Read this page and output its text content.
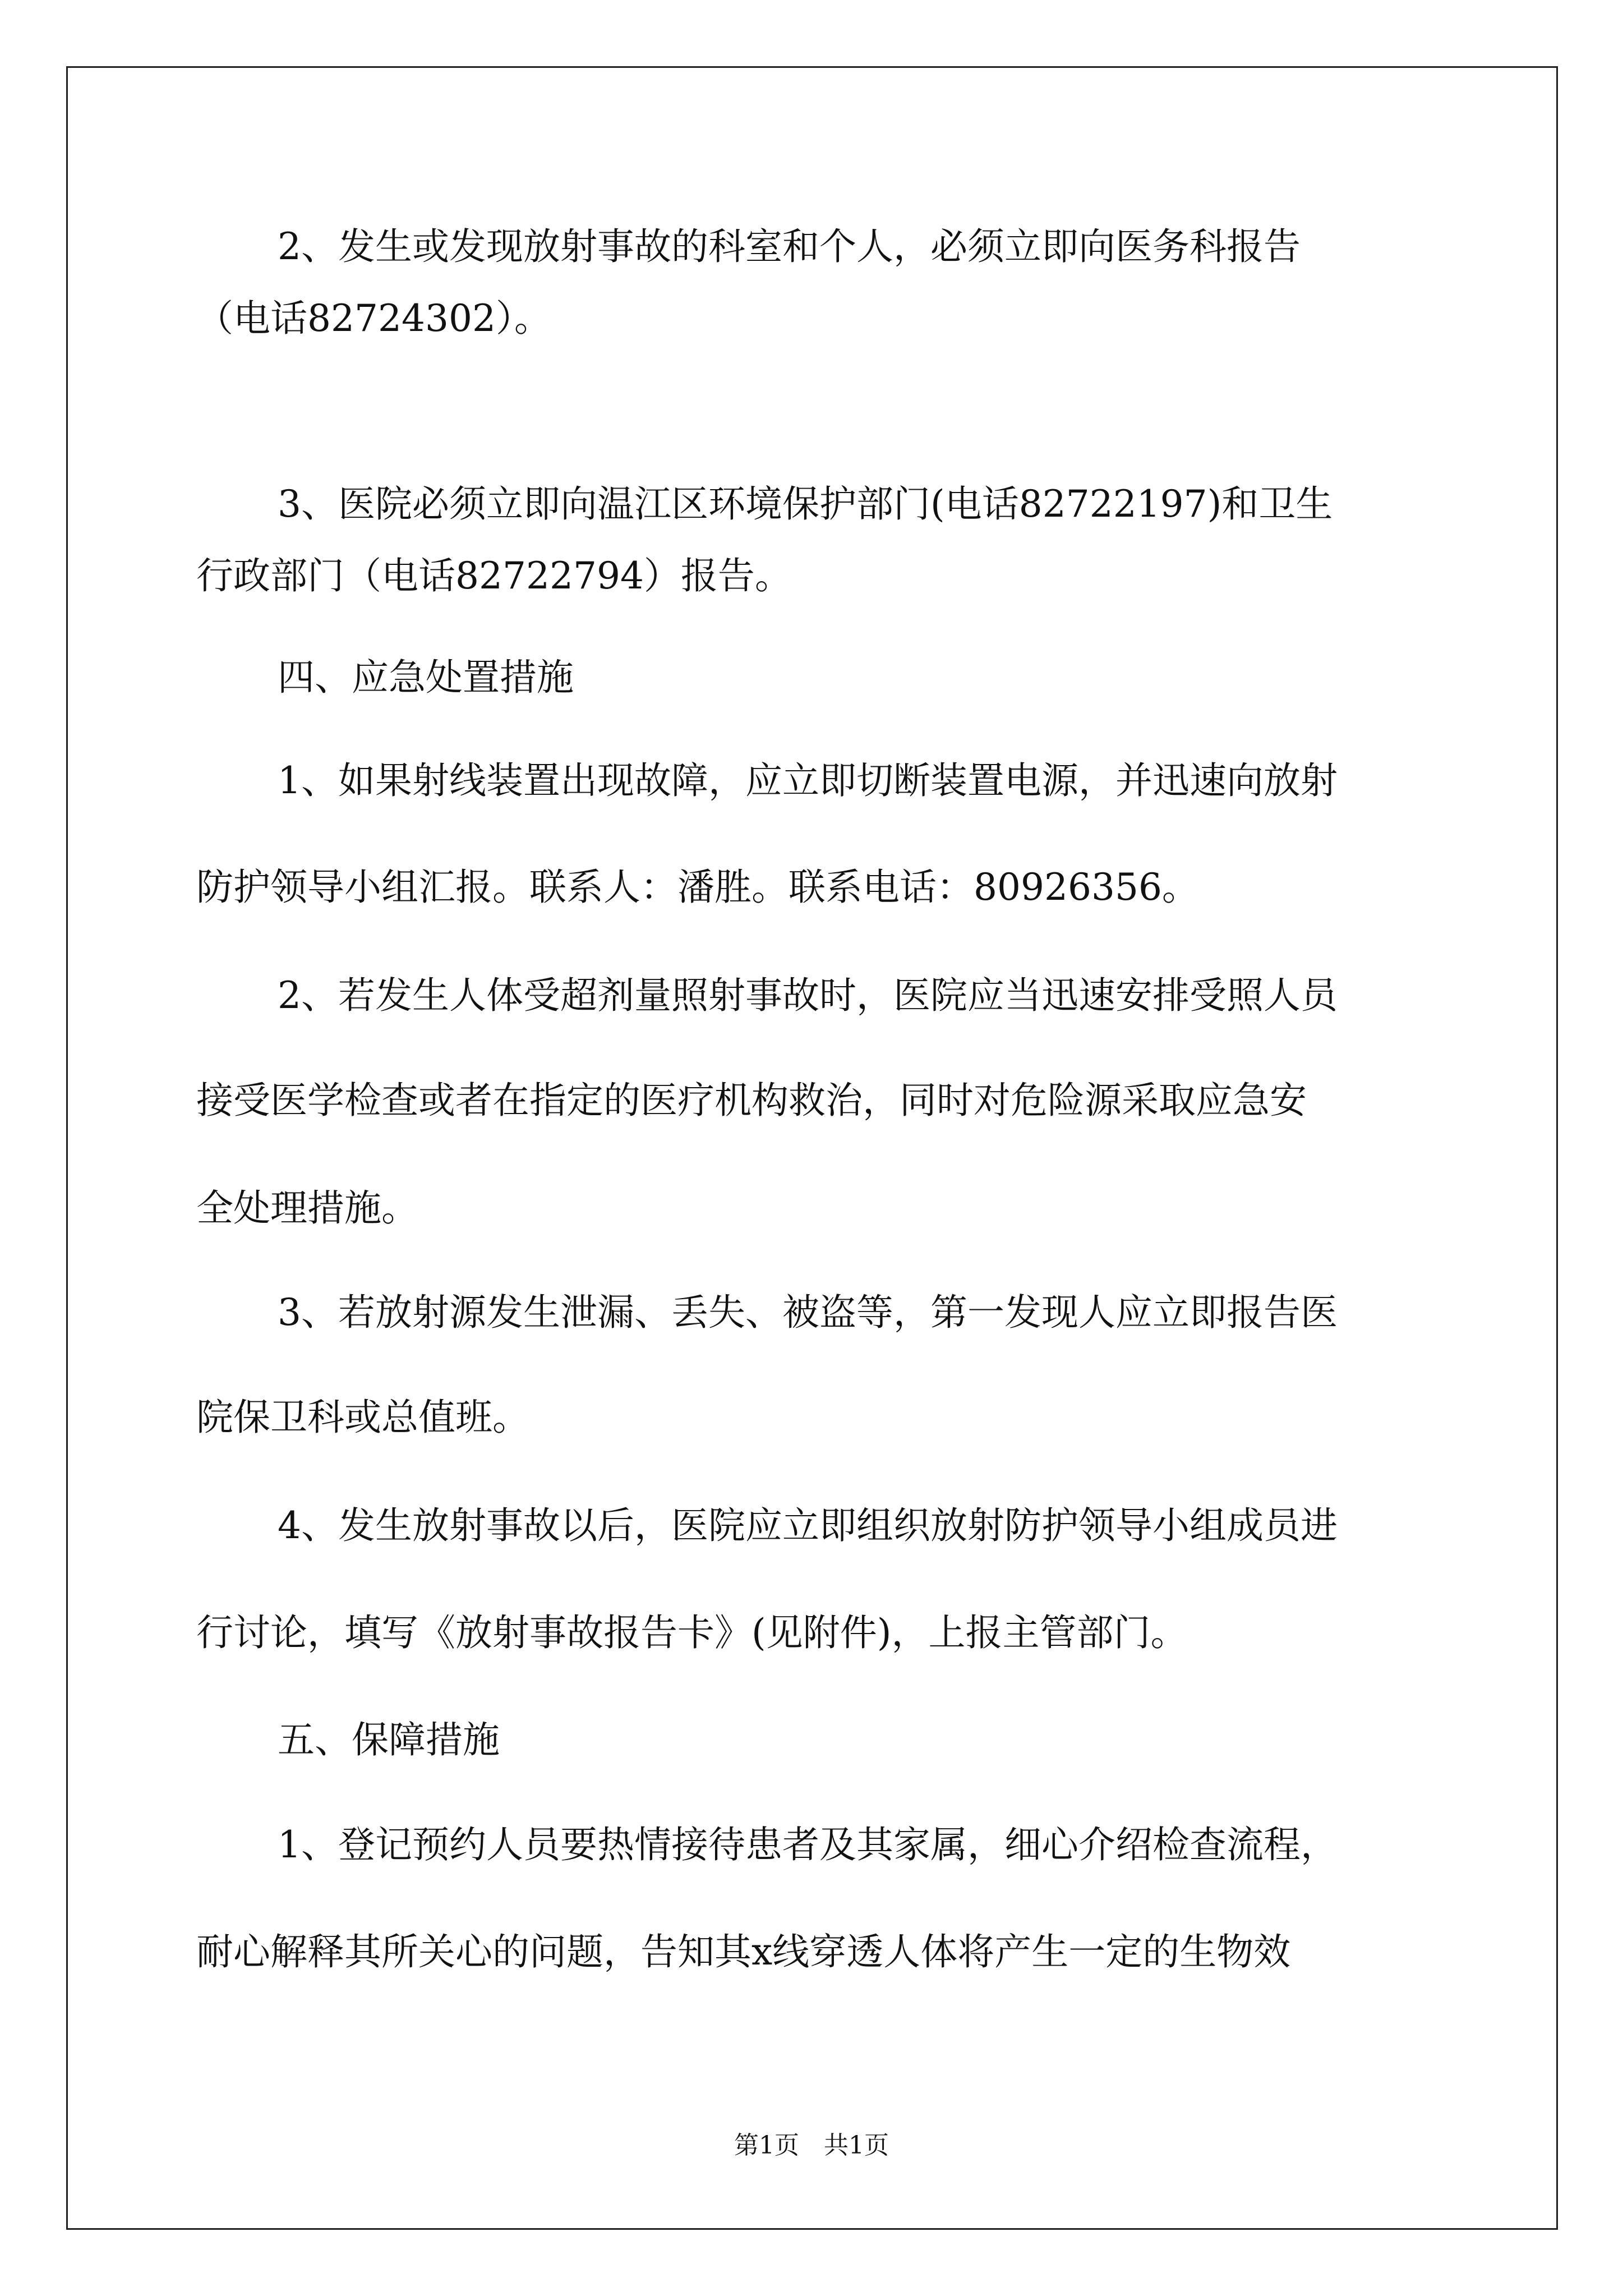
2、发生或发现放射事故的科室和个人，必须立即向医务科报告

（电话82724302）。

3、医院必须立即向温江区环境保护部门(电话82722197)和卫生

行政部门（电话82722794）报告。

四、应急处置措施

1、如果射线装置出现故障，应立即切断装置电源，并迅速向放射

防护领导小组汇报。联系人：潘胜。联系电话：80926356。

2、若发生人体受超剂量照射事故时，医院应当迅速安排受照人员

接受医学检查或者在指定的医疗机构救治，同时对危险源采取应急安

全处理措施。

3、若放射源发生泄漏、丢失、被盗等，第一发现人应立即报告医

院保卫科或总值班。

4、发生放射事故以后，医院应立即组织放射防护领导小组成员进

行讨论，填写《放射事故报告卡》(见附件)，上报主管部门。

五、保障措施

1、登记预约人员要热情接待患者及其家属，细心介绍检查流程，

耐心解释其所关心的问题，告知其x线穿透人体将产生一定的生物效

第1页　共1页
